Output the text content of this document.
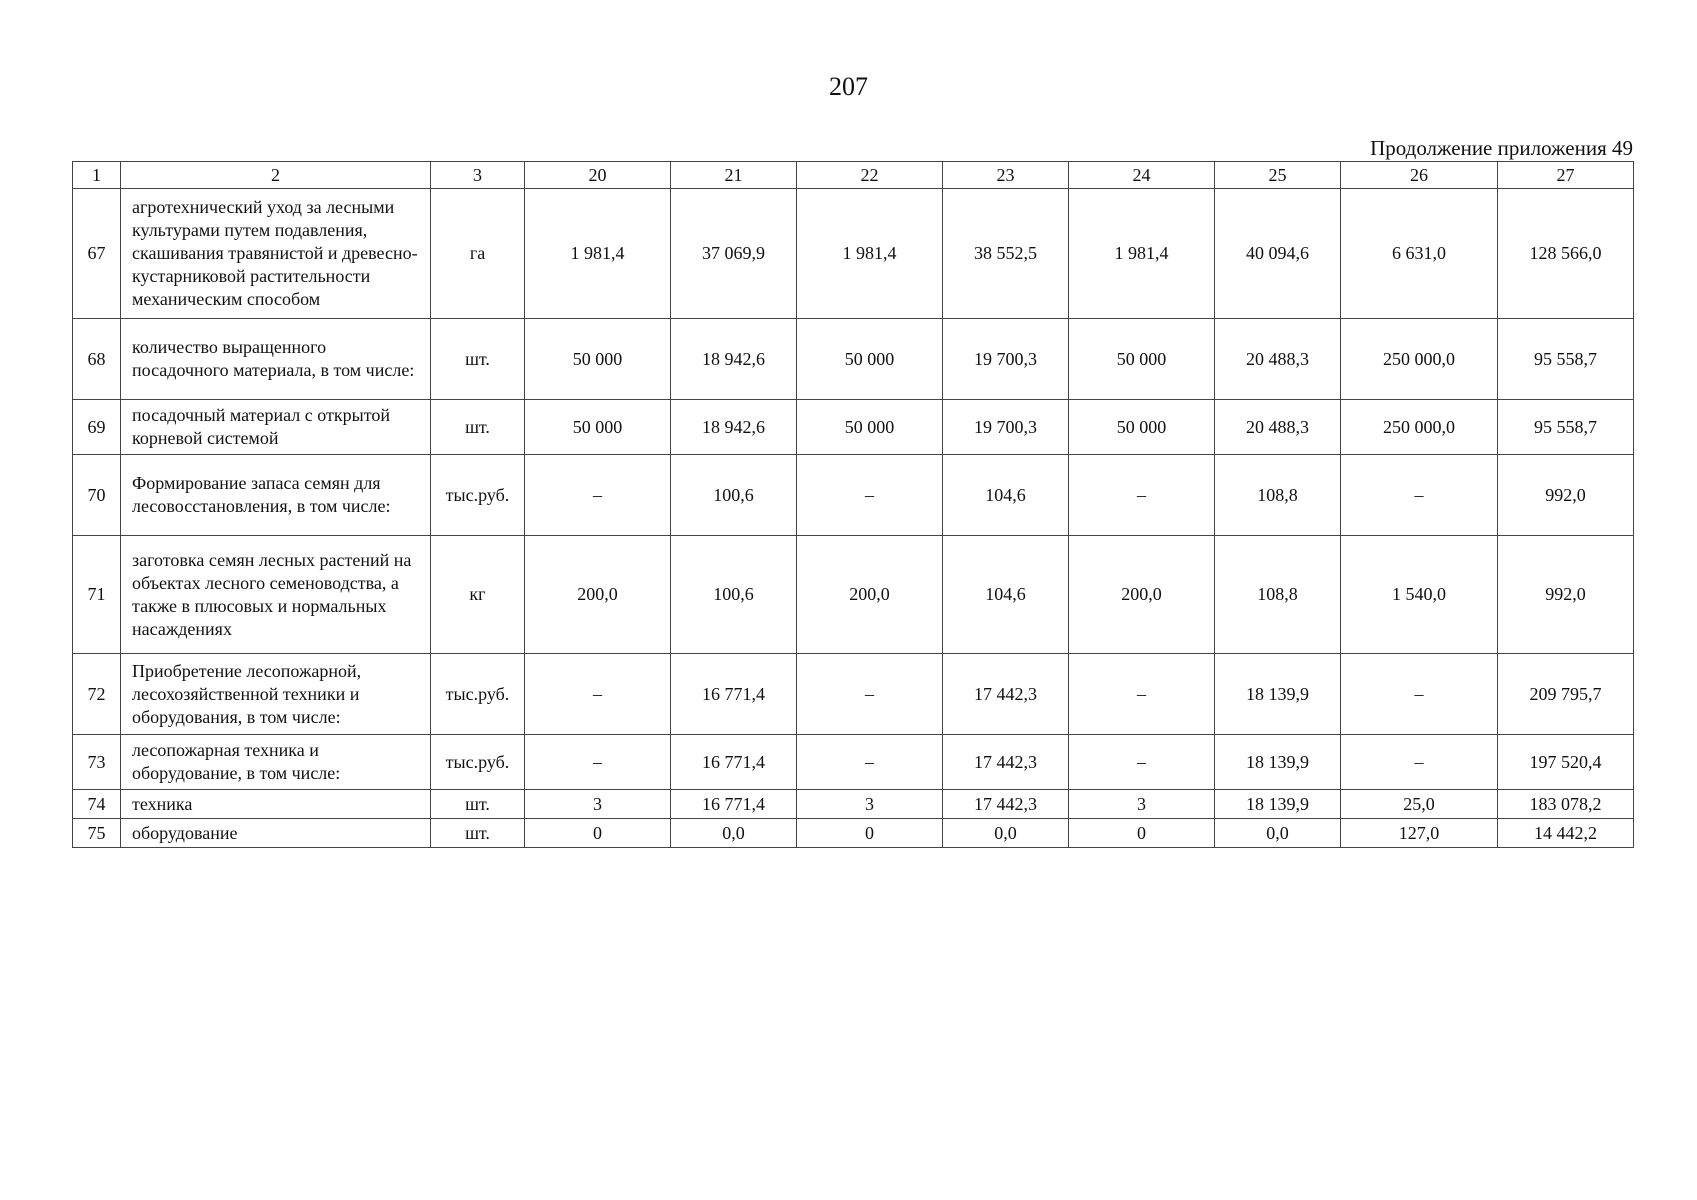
207
Продолжение приложения 49
1	2	3	20	21	22	23	24	25	26	27
67	агротехнический уход за лесными культурами путем подавления, скашивания травянистой и древесно-кустарниковой растительности механическим способом	га	1 981,4	37 069,9	1 981,4	38 552,5	1 981,4	40 094,6	6 631,0	128 566,0
68	количество выращенного посадочного материала, в том числе:	шт.	50 000	18 942,6	50 000	19 700,3	50 000	20 488,3	250 000,0	95 558,7
69	посадочный материал с открытой корневой системой	шт.	50 000	18 942,6	50 000	19 700,3	50 000	20 488,3	250 000,0	95 558,7
70	Формирование запаса семян для лесовосстановления, в том числе:	тыс.руб.	–	100,6	–	104,6	–	108,8	–	992,0
71	заготовка семян лесных растений на объектах лесного семеноводства, а также в плюсовых и нормальных насаждениях	кг	200,0	100,6	200,0	104,6	200,0	108,8	1 540,0	992,0
72	Приобретение лесопожарной, лесохозяйственной техники и оборудования, в том числе:	тыс.руб.	–	16 771,4	–	17 442,3	–	18 139,9	–	209 795,7
73	лесопожарная техника и оборудование, в том числе:	тыс.руб.	–	16 771,4	–	17 442,3	–	18 139,9	–	197 520,4
74	техника	шт.	3	16 771,4	3	17 442,3	3	18 139,9	25,0	183 078,2
75	оборудование	шт.	0	0,0	0	0,0	0	0,0	127,0	14 442,2
